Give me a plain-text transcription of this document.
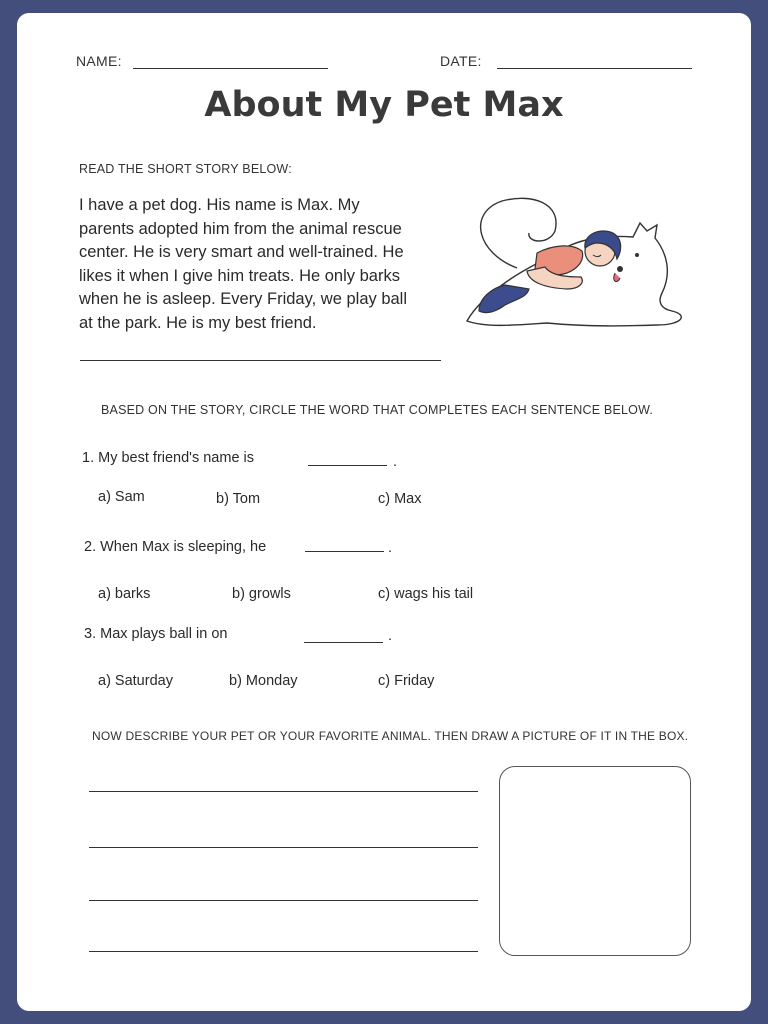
NAME:	DATE:
About My Pet Max
READ THE SHORT STORY BELOW:
I have a pet dog. His name is Max. My
parents adopted him from the animal rescue
center. He is very smart and well-trained. He
likes it when I give him treats. He only barks
when he is asleep. Every Friday, we play ball
at the park. He is my best friend.
BASED ON THE STORY, CIRCLE THE WORD THAT COMPLETES EACH SENTENCE BELOW.
1. My best friend's name is	.
a) Sam	b) Tom	c) Max
2. When Max is sleeping, he	.
a) barks	b) growls	c) wags his tail
3. Max plays ball in on	.
a) Saturday	b) Monday	c) Friday
NOW DESCRIBE YOUR PET OR YOUR FAVORITE ANIMAL. THEN DRAW A PICTURE OF IT IN THE BOX.
